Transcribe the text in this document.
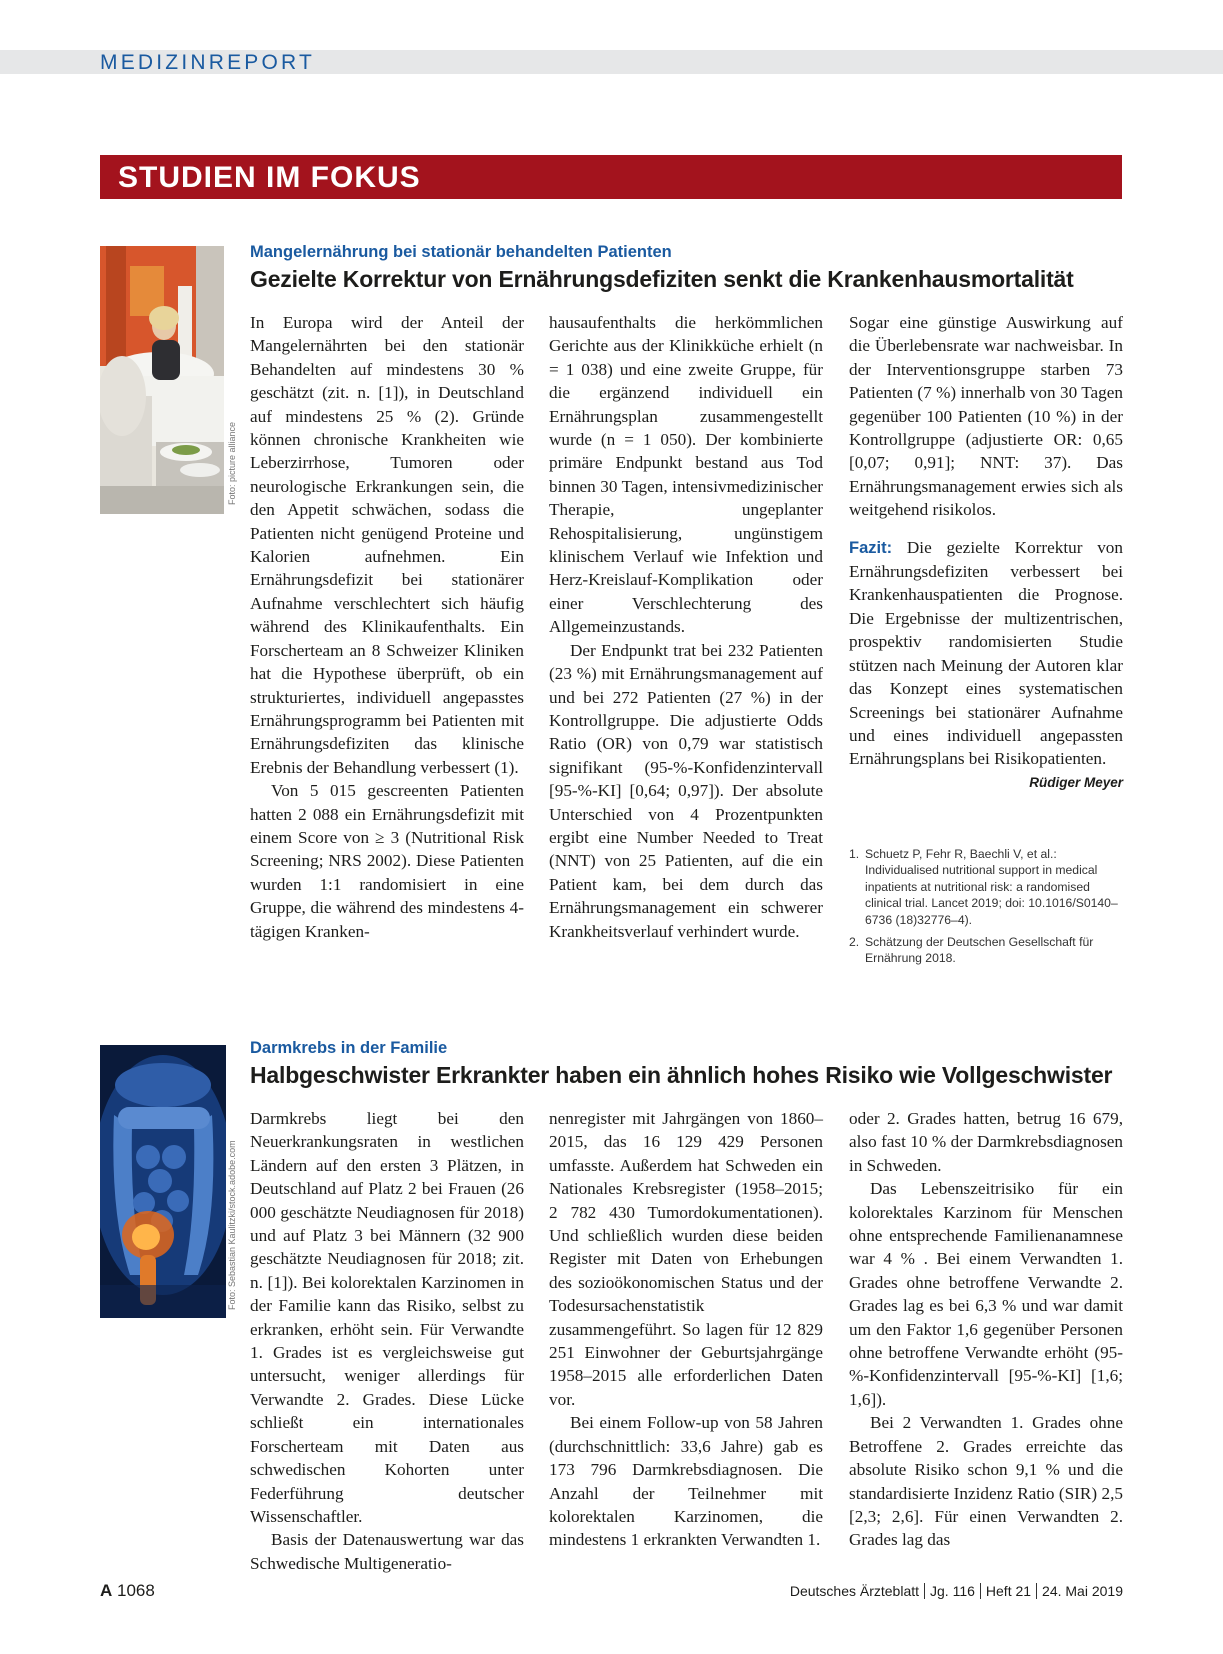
MEDIZINREPORT
STUDIEN IM FOKUS
Foto: picture alliance
Mangelernährung bei stationär behandelten Patienten
Gezielte Korrektur von Ernährungsdefiziten senkt die Krankenhausmortalität

In Europa wird der Anteil der Mangelernährten bei den stationär Behandelten auf mindestens 30 % geschätzt (zit. n. [1]), in Deutschland auf mindestens 25 % (2). Gründe können chronische Krankheiten wie Leberzirrhose, Tumoren oder neurologische Erkrankungen sein, die den Appetit schwächen, sodass die Patienten nicht genügend Proteine und Kalorien aufnehmen. Ein Ernährungsdefizit bei stationärer Aufnahme verschlechtert sich häufig während des Klinikaufenthalts. Ein Forscherteam an 8 Schweizer Kliniken hat die Hypothese überprüft, ob ein strukturiertes, individuell angepasstes Ernährungsprogramm bei Patienten mit Ernährungsdefiziten das klinische Erebnis der Behandlung verbessert (1).

Von 5 015 gescreenten Patienten hatten 2 088 ein Ernährungsdefizit mit einem Score von ≥ 3 (Nutritional Risk Screening; NRS 2002). Diese Patienten wurden 1:1 randomisiert in eine Gruppe, die während des mindestens 4-tägigen Kranken-

hausaufenthalts die herkömmlichen Gerichte aus der Klinikküche erhielt (n = 1 038) und eine zweite Gruppe, für die ergänzend individuell ein Ernährungsplan zusammengestellt wurde (n = 1 050). Der kombinierte primäre Endpunkt bestand aus Tod binnen 30 Tagen, intensivmedizinischer Therapie, ungeplanter Rehospitalisierung, ungünstigem klinischem Verlauf wie Infektion und Herz-Kreislauf-Komplikation oder einer Verschlechterung des Allgemeinzustands.

Der Endpunkt trat bei 232 Patienten (23 %) mit Ernährungsmanagement auf und bei 272 Patienten (27 %) in der Kontrollgruppe. Die adjustierte Odds Ratio (OR) von 0,79 war statistisch signifikant (95-%-Konfidenzintervall [95-%-KI] [0,64; 0,97]). Der absolute Unterschied von 4 Prozentpunkten ergibt eine Number Needed to Treat (NNT) von 25 Patienten, auf die ein Patient kam, bei dem durch das Ernährungsmanagement ein schwerer Krankheitsverlauf verhindert wurde.

Sogar eine günstige Auswirkung auf die Überlebensrate war nachweisbar. In der Interventionsgruppe starben 73 Patienten (7 %) innerhalb von 30 Tagen gegenüber 100 Patienten (10 %) in der Kontrollgruppe (adjustierte OR: 0,65 [0,07; 0,91]; NNT: 37). Das Ernährungsmanagement erwies sich als weitgehend risikolos.

Fazit: Die gezielte Korrektur von Ernährungsdefiziten verbessert bei Krankenhauspatienten die Prognose. Die Ergebnisse der multizentrischen, prospektiv randomisierten Studie stützen nach Meinung der Autoren klar das Konzept eines systematischen Screenings bei stationärer Aufnahme und eines individuell angepassten Ernährungsplans bei Risikopatienten.
Rüdiger Meyer

1. Schuetz P, Fehr R, Baechli V, et al.: Individualised nutritional support in medical inpatients at nutritional risk: a randomised clinical trial. Lancet 2019; doi: 10.1016/S0140–6736 (18)32776–4).
2. Schätzung der Deutschen Gesellschaft für Ernährung 2018.
Foto: Sebastian Kaulitzki/stock.adobe.com
Darmkrebs in der Familie
Halbgeschwister Erkrankter haben ein ähnlich hohes Risiko wie Vollgeschwister

Darmkrebs liegt bei den Neuerkrankungsraten in westlichen Ländern auf den ersten 3 Plätzen, in Deutschland auf Platz 2 bei Frauen (26 000 geschätzte Neudiagnosen für 2018) und auf Platz 3 bei Männern (32 900 geschätzte Neudiagnosen für 2018; zit. n. [1]). Bei kolorektalen Karzinomen in der Familie kann das Risiko, selbst zu erkranken, erhöht sein. Für Verwandte 1. Grades ist es vergleichsweise gut untersucht, weniger allerdings für Verwandte 2. Grades. Diese Lücke schließt ein internationales Forscherteam mit Daten aus schwedischen Kohorten unter Federführung deutscher Wissenschaftler.

Basis der Datenauswertung war das Schwedische Multigeneratio-

nenregister mit Jahrgängen von 1860–2015, das 16 129 429 Personen umfasste. Außerdem hat Schweden ein Nationales Krebsregister (1958–2015; 2 782 430 Tumordokumentationen). Und schließlich wurden diese beiden Register mit Daten von Erhebungen des sozioökonomischen Status und der Todesursachenstatistik zusammengeführt. So lagen für 12 829 251 Einwohner der Geburtsjahrgänge 1958–2015 alle erforderlichen Daten vor.

Bei einem Follow-up von 58 Jahren (durchschnittlich: 33,6 Jahre) gab es 173 796 Darmkrebsdiagnosen. Die Anzahl der Teilnehmer mit kolorektalen Karzinomen, die mindestens 1 erkrankten Verwandten 1.

oder 2. Grades hatten, betrug 16 679, also fast 10 % der Darmkrebsdiagnosen in Schweden.

Das Lebenszeitrisiko für ein kolorektales Karzinom für Menschen ohne entsprechende Familienanamnese war 4 % . Bei einem Verwandten 1. Grades ohne betroffene Verwandte 2. Grades lag es bei 6,3 % und war damit um den Faktor 1,6 gegenüber Personen ohne betroffene Verwandte erhöht (95-%-Konfidenzintervall [95-%-KI] [1,6; 1,6]).

Bei 2 Verwandten 1. Grades ohne Betroffene 2. Grades erreichte das absolute Risiko schon 9,1 % und die standardisierte Inzidenz Ratio (SIR) 2,5 [2,3; 2,6]. Für einen Verwandten 2. Grades lag das

A 1068	Deutsches Ärzteblatt Jg. 116 Heft 21 24. Mai 2019
